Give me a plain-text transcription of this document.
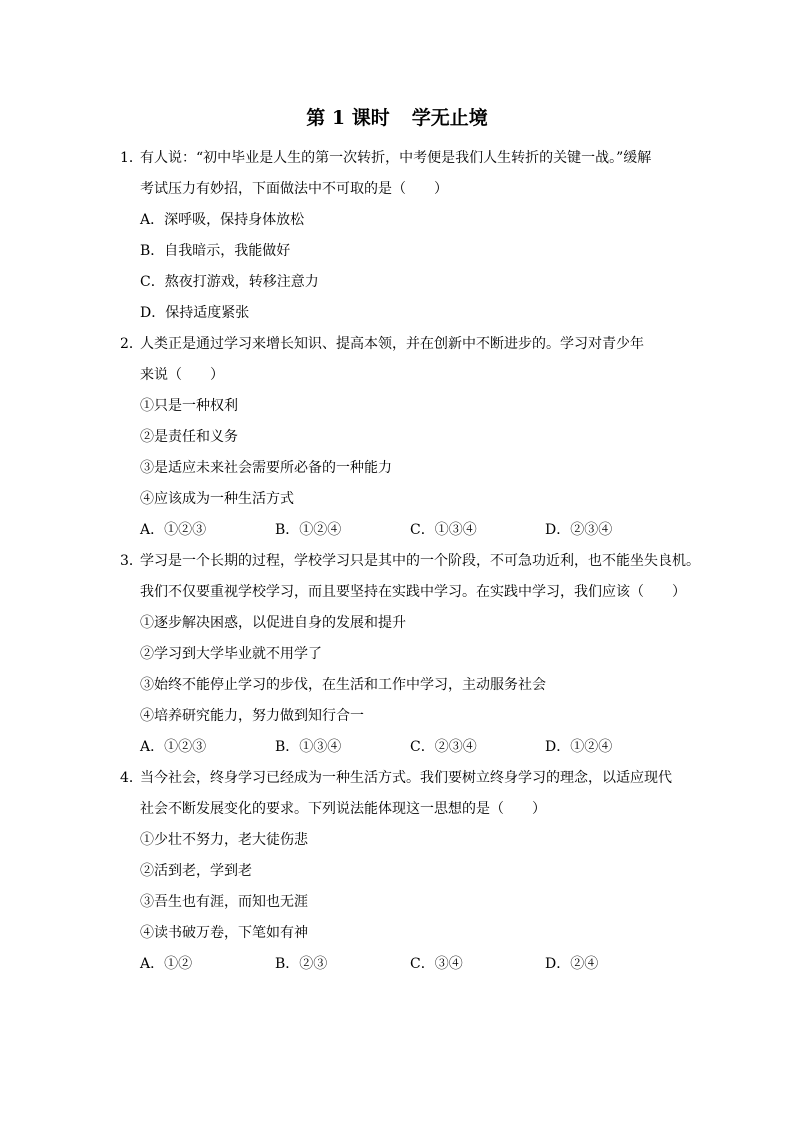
第 1 课时 学无止境
1．有人说：“初中毕业是人生的第一次转折，中考便是我们人生转折的关键一战。”缓解
考试压力有妙招，下面做法中不可取的是（　　）
A．深呼吸，保持身体放松
B．自我暗示，我能做好
C．熬夜打游戏，转移注意力
D．保持适度紧张
2．人类正是通过学习来增长知识、提高本领，并在创新中不断进步的。学习对青少年
来说（　　）
①只是一种权利
②是责任和义务
③是适应未来社会需要所必备的一种能力
④应该成为一种生活方式
A．①②③	B．①②④	C．①③④	D．②③④
3．学习是一个长期的过程，学校学习只是其中的一个阶段，不可急功近利，也不能坐失良机。
我们不仅要重视学校学习，而且要坚持在实践中学习。在实践中学习，我们应该（　　）
①逐步解决困惑，以促进自身的发展和提升
②学习到大学毕业就不用学了
③始终不能停止学习的步伐，在生活和工作中学习，主动服务社会
④培养研究能力，努力做到知行合一
A．①②③	B．①③④	C．②③④	D．①②④
4．当今社会，终身学习已经成为一种生活方式。我们要树立终身学习的理念，以适应现代
社会不断发展变化的要求。下列说法能体现这一思想的是（　　）
①少壮不努力，老大徒伤悲
②活到老，学到老
③吾生也有涯，而知也无涯
④读书破万卷，下笔如有神
A．①②	B．②③	C．③④	D．②④
